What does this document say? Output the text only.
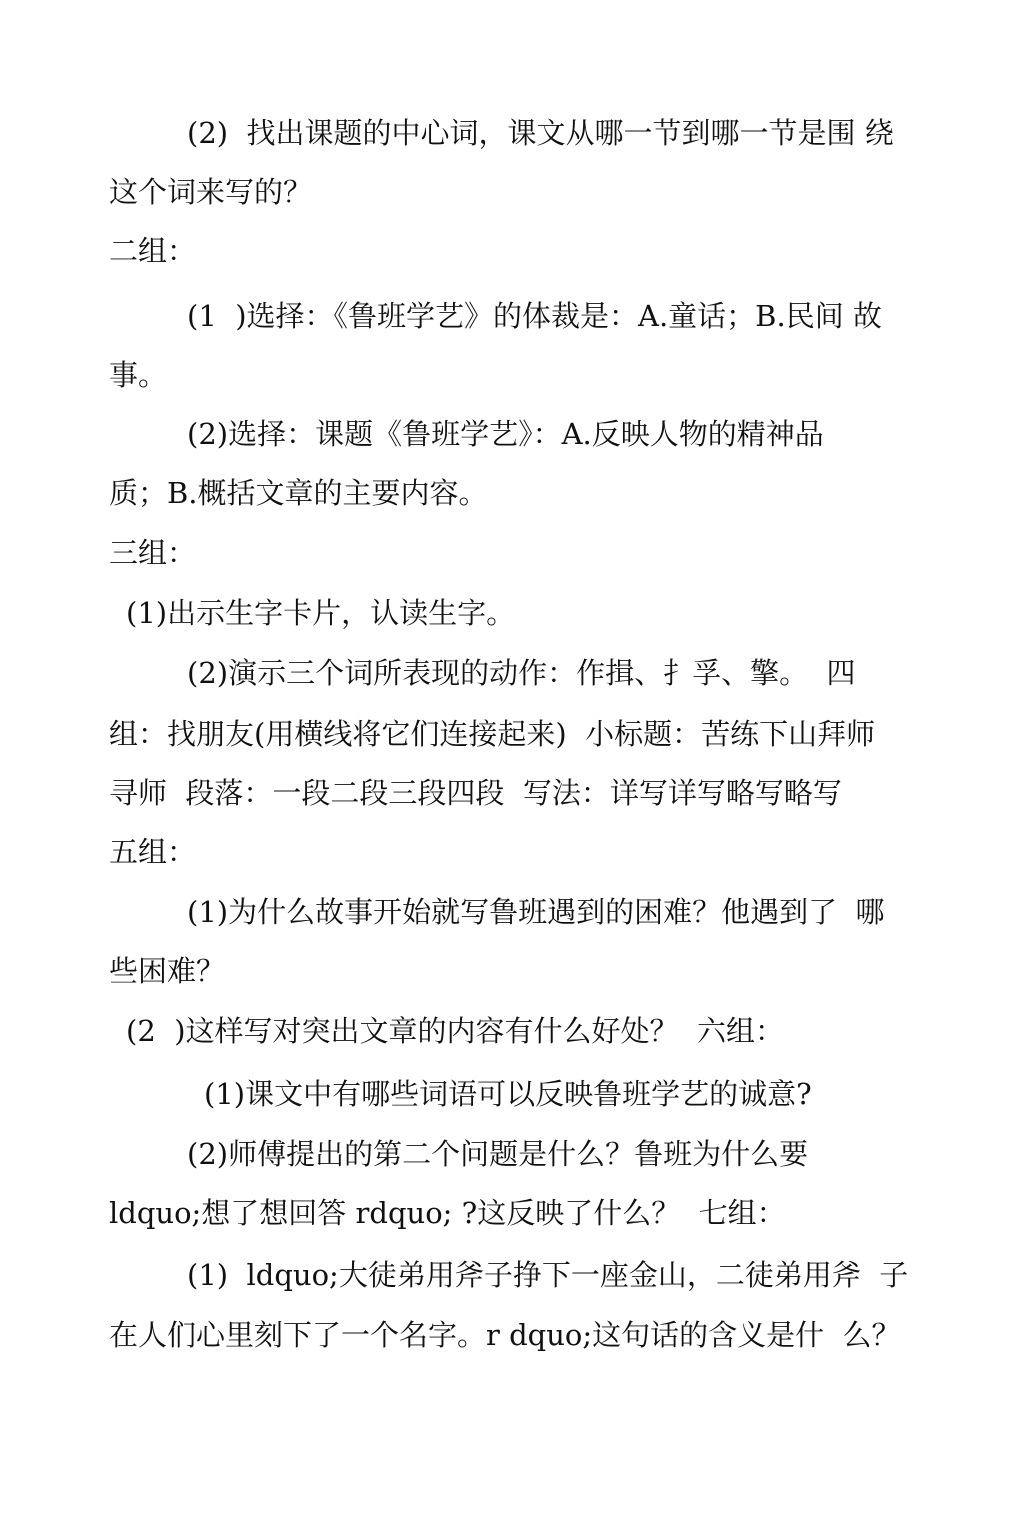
(2)  找出课题的中心词，课文从哪一节到哪一节是围 绕
这个词来写的？
二组：
(1  )选择：《鲁班学艺》的体裁是：A.童话；B.民间 故
事。
(2)选择：课题《鲁班学艺》：A.反映人物的精神品
质；B.概括文章的主要内容。
三组：
(1)出示生字卡片，认读生字。
(2)演示三个词所表现的动作：作揖、扌孚、擎。  四
组：找朋友(用横线将它们连接起来)  小标题：苦练下山拜师
寻师  段落：一段二段三段四段  写法：详写详写略写略写
五组：
(1)为什么故事开始就写鲁班遇到的困难？他遇到了  哪
些困难？
(2  )这样写对突出文章的内容有什么好处？  六组：
(1)课文中有哪些词语可以反映鲁班学艺的诚意?
(2)师傅提出的第二个问题是什么？鲁班为什么要
ldquo;想了想回答 rdquo; ?这反映了什么？  七组：
(1)  ldquo;大徒弟用斧子挣下一座金山，二徒弟用斧  子
在人们心里刻下了一个名字。r dquo;这句话的含义是什  么？
